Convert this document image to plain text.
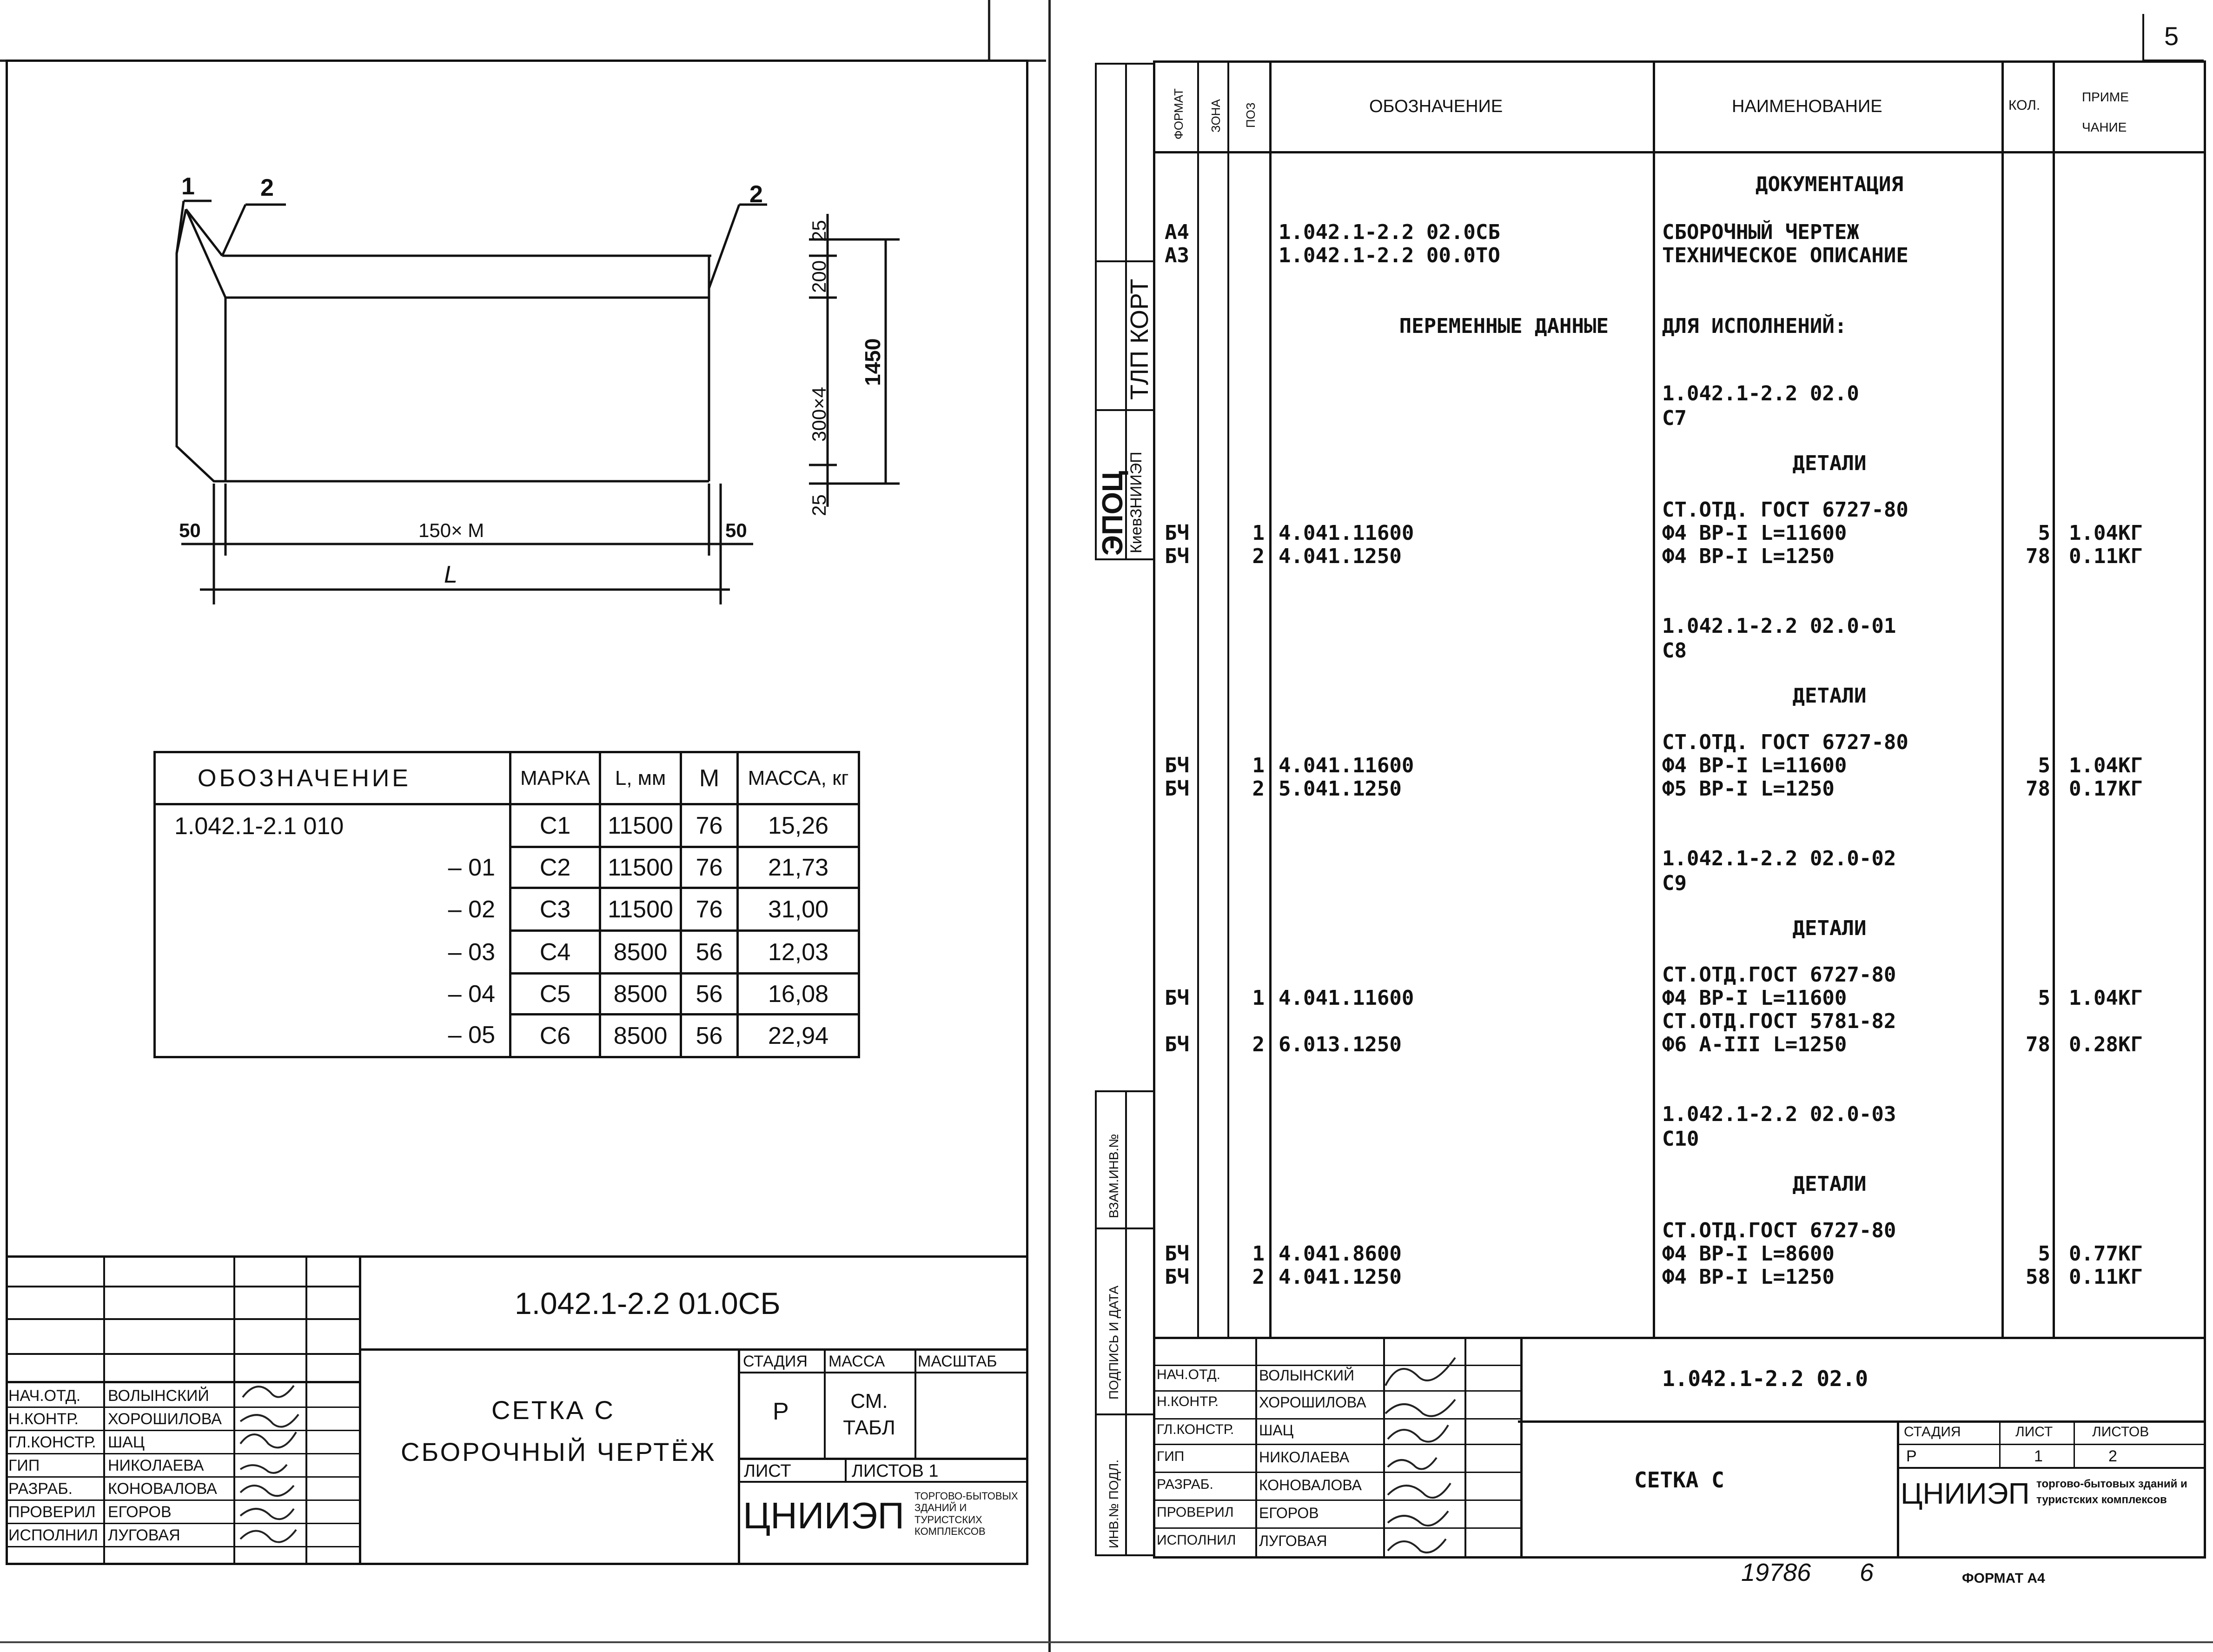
1	2	2
50	50
150× M
L
25
200
300×4
25
1450
ОБОЗНАЧЕНИЕ	МАРКА	L, мм	М	МАССА, кг
1.042.1-2.1 010	С1	11500	76	15,26
– 01	С2	11500	76	21,73
– 02	С3	11500	76	31,00
– 03	С4	8500	56	12,03
– 04	С5	8500	56	16,08
– 05	С6	8500	56	22,94
НАЧ.ОТД. ВОЛЫНСКИЙ
Н.КОНТР. ХОРОШИЛОВА
ГЛ.КОНСТР. ШАЦ
ГИП	НИКОЛАЕВА
РАЗРАБ. КОНОВАЛОВА
ПРОВЕРИЛ ЕГОРОВ
ИСПОЛНИЛ ЛУГОВАЯ
1.042.1-2.2 01.0СБ
СЕТКА С
СБОРОЧНЫЙ ЧЕРТЁЖ
СТАДИЯ МАССА МАСШТАБ
Р	СМ. ТАБЛ
ЛИСТ	ЛИСТОВ 1
ЦНИИЭП ТОРГОВО-БЫТОВЫХ ЗДАНИЙ И ТУРИСТСКИХ КОМПЛЕКСОВ
5
ЭПОЦ
КиевЗНИИЭП
ТЛП КОРТ
ВЗАМ.ИНВ.№
ПОДПИСЬ И ДАТА
ИНВ.№ ПОДЛ.
ФОРМАТ ЗОНА ПОЗ	ОБОЗНАЧЕНИЕ	НАИМЕНОВАНИЕ	КОЛ.
ПРИМЕ
ЧАНИЕ
ДОКУМЕНТАЦИЯ
А4	1.042.1-2.2 02.0СБ	СБОРОЧНЫЙ ЧЕРТЕЖ
А3	1.042.1-2.2 00.0ТО	ТЕХНИЧЕСКОЕ ОПИСАНИЕ
ПЕРЕМЕННЫЕ ДАННЫЕ	ДЛЯ ИСПОЛНЕНИЙ:
1.042.1-2.2 02.0
С7
ДЕТАЛИ
СТ.ОТД. ГОСТ 6727-80
БЧ	1 4.041.11600	Ф4 ВР-I L=11600	5 1.04КГ
БЧ	2 4.041.1250	Ф4 ВР-I L=1250	78 0.11КГ
1.042.1-2.2 02.0-01
С8
ДЕТАЛИ
СТ.ОТД. ГОСТ 6727-80
БЧ	1 4.041.11600	Ф4 ВР-I L=11600	5 1.04КГ
БЧ	2 5.041.1250	Ф5 ВР-I L=1250	78 0.17КГ
1.042.1-2.2 02.0-02
С9
ДЕТАЛИ
СТ.ОТД.ГОСТ 6727-80
БЧ	1 4.041.11600	Ф4 ВР-I L=11600	5 1.04КГ
СТ.ОТД.ГОСТ 5781-82
БЧ	2 6.013.1250	Ф6 А-III L=1250	78 0.28КГ
1.042.1-2.2 02.0-03
С10
ДЕТАЛИ
СТ.ОТД.ГОСТ 6727-80
БЧ	1 4.041.8600	Ф4 ВР-I L=8600	5 0.77КГ
БЧ	2 4.041.1250	Ф4 ВР-I L=1250	58 0.11КГ
НАЧ.ОТД.	ВОЛЫНСКИЙ
Н.КОНТР.	ХОРОШИЛОВА
ГЛ.КОНСТР. ШАЦ
ГИП	НИКОЛАЕВА
РАЗРАБ.	КОНОВАЛОВА
ПРОВЕРИЛ ЕГОРОВ
ИСПОЛНИЛ ЛУГОВАЯ
1.042.1-2.2 02.0
СЕТКА С
СТАДИЯ	ЛИСТ	ЛИСТОВ
Р	1	2
ЦНИИЭП торгово-бытовых зданий и туристских комплексов
19786 6	ФОРМАТ А4
